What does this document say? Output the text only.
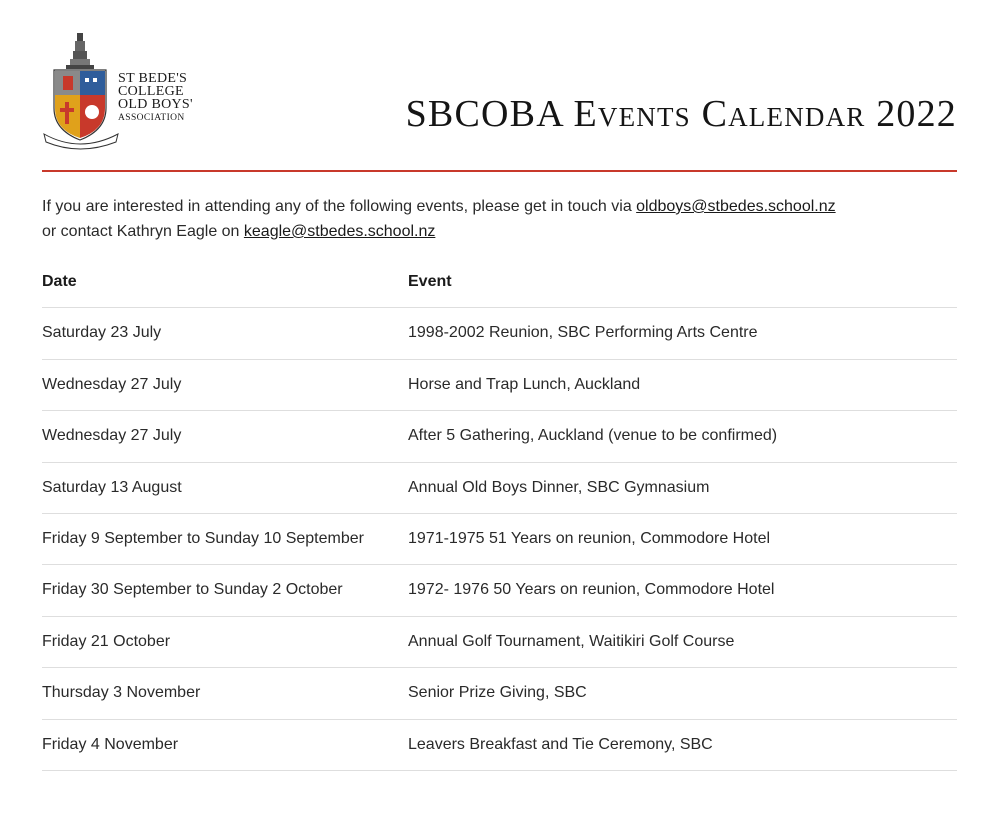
ST BEDE'S
COLLEGE
OLD BOYS'
ASSOCIATION	SBCOBA Events Calendar 2022
If you are interested in attending any of the following events, please get in touch via oldboys@stbedes.school.nz
or contact Kathryn Eagle on keagle@stbedes.school.nz
Date	Event
Saturday 23 July	1998-2002 Reunion, SBC Performing Arts Centre
Wednesday 27 July	Horse and Trap Lunch, Auckland
Wednesday 27 July	After 5 Gathering, Auckland (venue to be confirmed)
Saturday 13 August	Annual Old Boys Dinner, SBC Gymnasium
Friday 9 September to Sunday 10 September	1971-1975 51 Years on reunion, Commodore Hotel
Friday 30 September to Sunday 2 October	1972- 1976 50 Years on reunion, Commodore Hotel
Friday 21 October	Annual Golf Tournament, Waitikiri Golf Course
Thursday 3 November	Senior Prize Giving, SBC
Friday 4 November	Leavers Breakfast and Tie Ceremony, SBC
